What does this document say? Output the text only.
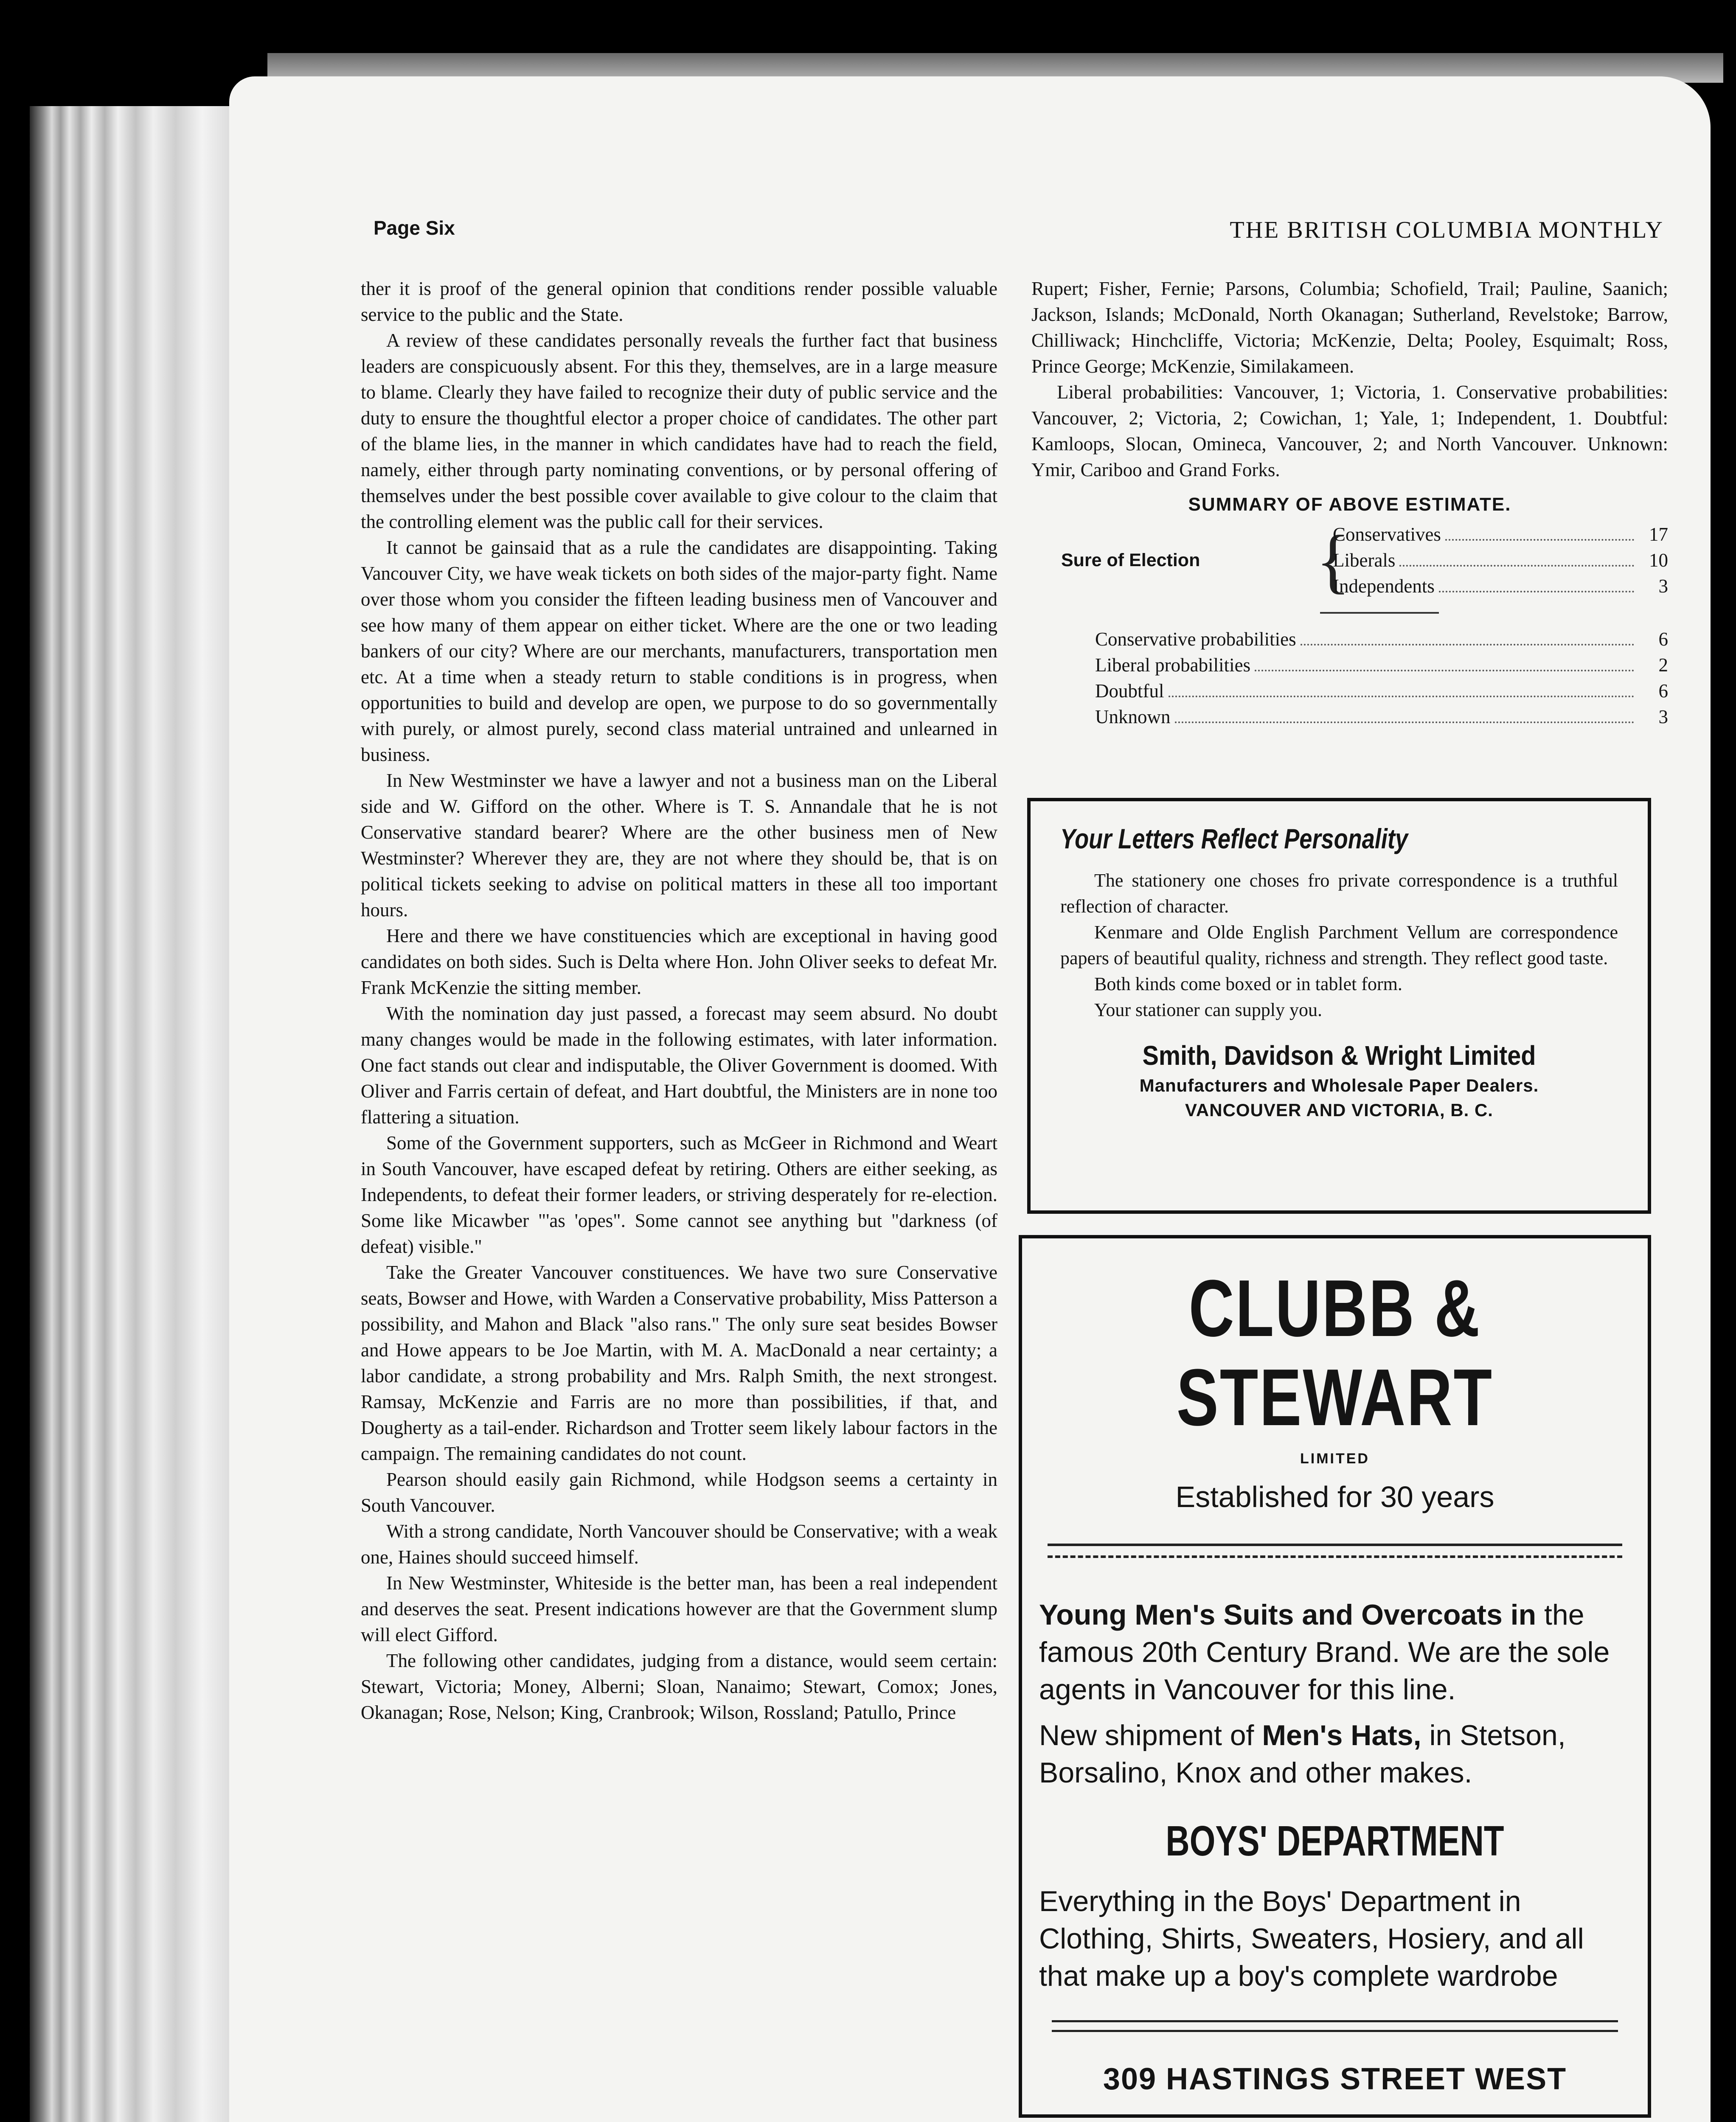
Page Six	THE BRITISH COLUMBIA MONTHLY

ther it is proof of the general opinion that conditions render possible valuable service to the public and the State.

A review of these candidates personally reveals the further fact that business leaders are conspicuously absent. For this they, themselves, are in a large measure to blame. Clearly they have failed to recognize their duty of public service and the duty to ensure the thoughtful elector a proper choice of candidates. The other part of the blame lies, in the manner in which candidates have had to reach the field, namely, either through party nominating conventions, or by personal offering of themselves under the best possible cover available to give colour to the claim that the controlling element was the public call for their services.

It cannot be gainsaid that as a rule the candidates are disappointing. Taking Vancouver City, we have weak tickets on both sides of the major-party fight. Name over those whom you consider the fifteen leading business men of Vancouver and see how many of them appear on either ticket. Where are the one or two leading bankers of our city? Where are our merchants, manufacturers, transportation men etc. At a time when a steady return to stable conditions is in progress, when opportunities to build and develop are open, we purpose to do so governmentally with purely, or almost purely, second class material untrained and unlearned in business.

In New Westminster we have a lawyer and not a business man on the Liberal side and W. Gifford on the other. Where is T. S. Annandale that he is not Conservative standard bearer? Where are the other business men of New Westminster? Wherever they are, they are not where they should be, that is on political tickets seeking to advise on political matters in these all too important hours.

Here and there we have constituencies which are exceptional in having good candidates on both sides. Such is Delta where Hon. John Oliver seeks to defeat Mr. Frank McKenzie the sitting member.

With the nomination day just passed, a forecast may seem absurd. No doubt many changes would be made in the following estimates, with later information. One fact stands out clear and indisputable, the Oliver Government is doomed. With Oliver and Farris certain of defeat, and Hart doubtful, the Ministers are in none too flattering a situation.

Some of the Government supporters, such as McGeer in Richmond and Weart in South Vancouver, have escaped defeat by retiring. Others are either seeking, as Independents, to defeat their former leaders, or striving desperately for re-election. Some like Micawber "'as 'opes". Some cannot see anything but "darkness (of defeat) visible."

Take the Greater Vancouver constituences. We have two sure Conservative seats, Bowser and Howe, with Warden a Conservative probability, Miss Patterson a possibility, and Mahon and Black "also rans." The only sure seat besides Bowser and Howe appears to be Joe Martin, with M. A. MacDonald a near certainty; a labor candidate, a strong probability and Mrs. Ralph Smith, the next strongest. Ramsay, McKenzie and Farris are no more than possibilities, if that, and Dougherty as a tail-ender. Richardson and Trotter seem likely labour factors in the campaign. The remaining candidates do not count.

Pearson should easily gain Richmond, while Hodgson seems a certainty in South Vancouver.

With a strong candidate, North Vancouver should be Conservative; with a weak one, Haines should succeed himself.

In New Westminster, Whiteside is the better man, has been a real independent and deserves the seat. Present indications however are that the Government slump will elect Gifford.

The following other candidates, judging from a distance, would seem certain: Stewart, Victoria; Money, Alberni; Sloan, Nanaimo; Stewart, Comox; Jones, Okanagan; Rose, Nelson; King, Cranbrook; Wilson, Rossland; Patullo, Prince

Rupert; Fisher, Fernie; Parsons, Columbia; Schofield, Trail; Pauline, Saanich; Jackson, Islands; McDonald, North Okanagan; Sutherland, Revelstoke; Barrow, Chilliwack; Hinchcliffe, Victoria; McKenzie, Delta; Pooley, Esquimalt; Ross, Prince George; McKenzie, Similakameen.

Liberal probabilities: Vancouver, 1; Victoria, 1. Conservative probabilities: Vancouver, 2; Victoria, 2; Cowichan, 1; Yale, 1; Independent, 1. Doubtful: Kamloops, Slocan, Omineca, Vancouver, 2; and North Vancouver. Unknown: Ymir, Cariboo and Grand Forks.

SUMMARY OF ABOVE ESTIMATE.
Sure of Election	{
Conservatives	17
Liberals	10
Independents	3
Conservative probabilities	6
Liberal probabilities	2
Doubtful	6
Unknown	3
Your Letters Reflect Personality

The stationery one choses fro private correspondence is a truthful reflection of character.

Kenmare and Olde English Parchment Vellum are correspondence papers of beautiful quality, richness and strength. They reflect good taste.

Both kinds come boxed or in tablet form.

Your stationer can supply you.

Smith, Davidson & Wright Limited
Manufacturers and Wholesale Paper Dealers.
VANCOUVER AND VICTORIA, B. C.
CLUBB & STEWART
LIMITED
Established for 30 years

Young Men's Suits and Overcoats in the famous 20th Century Brand. We are the sole agents in Vancouver for this line.

New shipment of Men's Hats, in Stetson, Borsalino, Knox and other makes.

BOYS' DEPARTMENT

Everything in the Boys' Department in Clothing, Shirts, Sweaters, Hosiery, and all that make up a boy's complete wardrobe

309 HASTINGS STREET WEST
